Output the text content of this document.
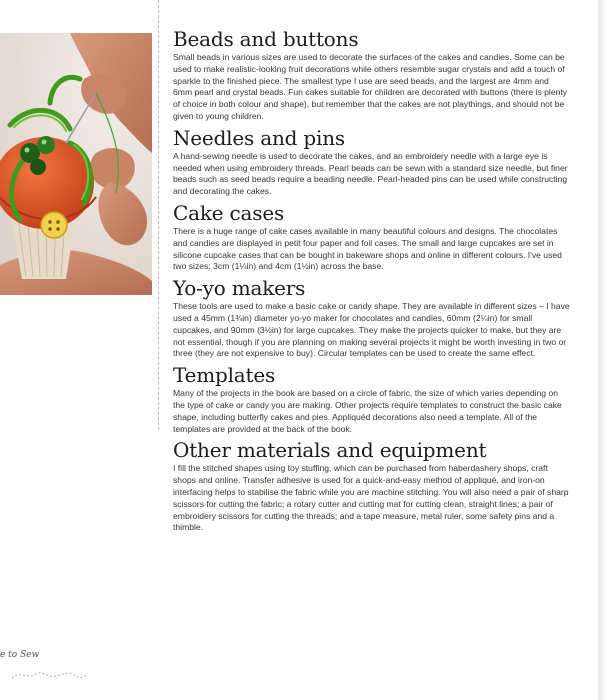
Beads and buttons

Small beads in various sizes are used to decorate the surfaces of the cakes and candies. Some can be used to make realistic-looking fruit decorations while others resemble sugar crystals and add a touch of sparkle to the finished piece. The smallest type I use are seed beads, and the largest are 4mm and 6mm pearl and crystal beads. Fun cakes suitable for children are decorated with buttons (there is plenty of choice in both colour and shape), but remember that the cakes are not playthings, and should not be given to young children.

Needles and pins

A hand-sewing needle is used to decorate the cakes, and an embroidery needle with a large eye is needed when using embroidery threads. Pearl beads can be sewn with a standard size needle, but finer beads such as seed beads require a beading needle. Pearl-headed pins can be used while constructing and decorating the cakes.

Cake cases

There is a huge range of cake cases available in many beautiful colours and designs. The chocolates and candies are displayed in petit four paper and foil cases. The small and large cupcakes are set in silicone cupcake cases that can be bought in bakeware shops and online in different colours. I've used two sizes: 3cm (1¼in) and 4cm (1½in) across the base.

Yo-yo makers

These tools are used to make a basic cake or candy shape. They are available in different sizes – I have used a 45mm (1¾in) diameter yo-yo maker for chocolates and candies, 60mm (2¼in) for small cupcakes, and 90mm (3½in) for large cupcakes. They make the projects quicker to make, but they are not essential, though if you are planning on making several projects it might be worth investing in two or three (they are not expensive to buy). Circular templates can be used to create the same effect.

Templates

Many of the projects in the book are based on a circle of fabric, the size of which varies depending on the type of cake or candy you are making. Other projects require templates to construct the basic cake shape, including butterfly cakes and pies. Appliquéd decorations also need a template. All of the templates are provided at the back of the book.

Other materials and equipment

I fill the stitched shapes using toy stuffing, which can be purchased from haberdashery shops, craft shops and online. Transfer adhesive is used for a quick-and-easy method of appliqué, and iron-on interfacing helps to stabilise the fabric while you are machine stitching. You will also need a pair of sharp scissors for cutting the fabric; a rotary cutter and cutting mat for cutting clean, straight lines; a pair of embroidery scissors for cutting the threads; and a tape measure, metal ruler, some safety pins and a thimble.

e to Sew
